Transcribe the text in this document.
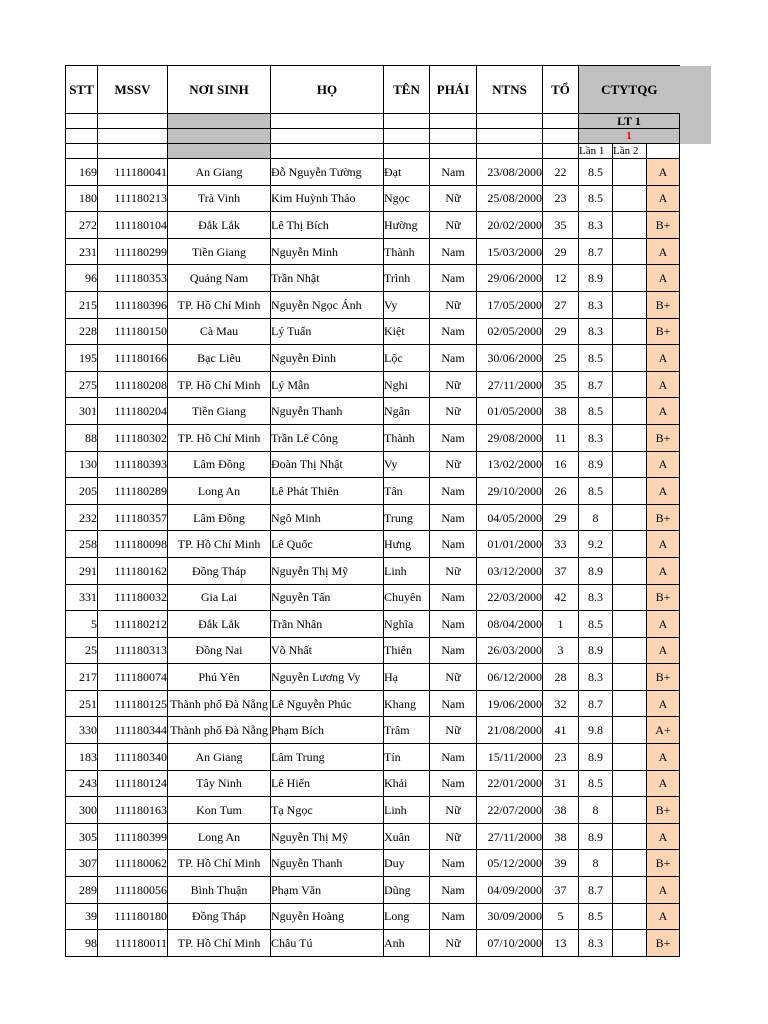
STT	MSSV	NƠI SINH	HỌ	TÊN	PHÁI	NTNS	TỔ	CTYTQG			
								LT 1			
								1			
								Lần 1	Lần 2		
169	111180041	An Giang	Đỗ Nguyễn Tường	Đạt	Nam	23/08/2000	22	8.5		A	
180	111180213	Trà Vinh	Kim Huỳnh Thảo	Ngọc	Nữ	25/08/2000	23	8.5		A	
272	111180104	Đắk Lắk	Lê Thị Bích	Hường	Nữ	20/02/2000	35	8.3		B+	
231	111180299	Tiền Giang	Nguyễn Minh	Thành	Nam	15/03/2000	29	8.7		A	
96	111180353	Quảng Nam	Trần Nhật	Trình	Nam	29/06/2000	12	8.9		A	
215	111180396	TP. Hồ Chí Minh	Nguyễn Ngọc Ánh	Vy	Nữ	17/05/2000	27	8.3		B+	
228	111180150	Cà Mau	Lý Tuấn	Kiệt	Nam	02/05/2000	29	8.3		B+	
195	111180166	Bạc Liêu	Nguyễn Đình	Lộc	Nam	30/06/2000	25	8.5		A	
275	111180208	TP. Hồ Chí Minh	Lý Mẫn	Nghi	Nữ	27/11/2000	35	8.7		A	
301	111180204	Tiền Giang	Nguyễn Thanh	Ngân	Nữ	01/05/2000	38	8.5		A	
88	111180302	TP. Hồ Chí Minh	Trần Lê Công	Thành	Nam	29/08/2000	11	8.3		B+	
130	111180393	Lâm Đồng	Đoàn Thị Nhật	Vy	Nữ	13/02/2000	16	8.9		A	
205	111180289	Long An	Lê Phát Thiên	Tân	Nam	29/10/2000	26	8.5		A	
232	111180357	Lâm Đồng	Ngô Minh	Trung	Nam	04/05/2000	29	8		B+	
258	111180098	TP. Hồ Chí Minh	Lê Quốc	Hưng	Nam	01/01/2000	33	9.2		A	
291	111180162	Đồng Tháp	Nguyễn Thị Mỹ	Linh	Nữ	03/12/2000	37	8.9		A	
331	111180032	Gia Lai	Nguyễn Tấn	Chuyên	Nam	22/03/2000	42	8.3		B+	
5	111180212	Đắk Lắk	Trần Nhân	Nghĩa	Nam	08/04/2000	1	8.5		A	
25	111180313	Đồng Nai	Võ Nhất	Thiên	Nam	26/03/2000	3	8.9		A	
217	111180074	Phú Yên	Nguyễn Lương Vy	Hạ	Nữ	06/12/2000	28	8.3		B+	
251	111180125	Thành phố Đà Nẵng	Lê Nguyễn Phúc	Khang	Nam	19/06/2000	32	8.7		A	
330	111180344	Thành phố Đà Nẵng	Phạm Bích	Trâm	Nữ	21/08/2000	41	9.8		A+	
183	111180340	An Giang	Lâm Trung	Tín	Nam	15/11/2000	23	8.9		A	
243	111180124	Tây Ninh	Lê Hiển	Khải	Nam	22/01/2000	31	8.5		A	
300	111180163	Kon Tum	Tạ Ngọc	Linh	Nữ	22/07/2000	38	8		B+	
305	111180399	Long An	Nguyễn Thị Mỹ	Xuân	Nữ	27/11/2000	38	8.9		A	
307	111180062	TP. Hồ Chí Minh	Nguyễn Thanh	Duy	Nam	05/12/2000	39	8		B+	
289	111180056	Bình Thuận	Phạm Văn	Dũng	Nam	04/09/2000	37	8.7		A	
39	111180180	Đồng Tháp	Nguyễn Hoàng	Long	Nam	30/09/2000	5	8.5		A	
98	111180011	TP. Hồ Chí Minh	Châu Tú	Anh	Nữ	07/10/2000	13	8.3		B+	
